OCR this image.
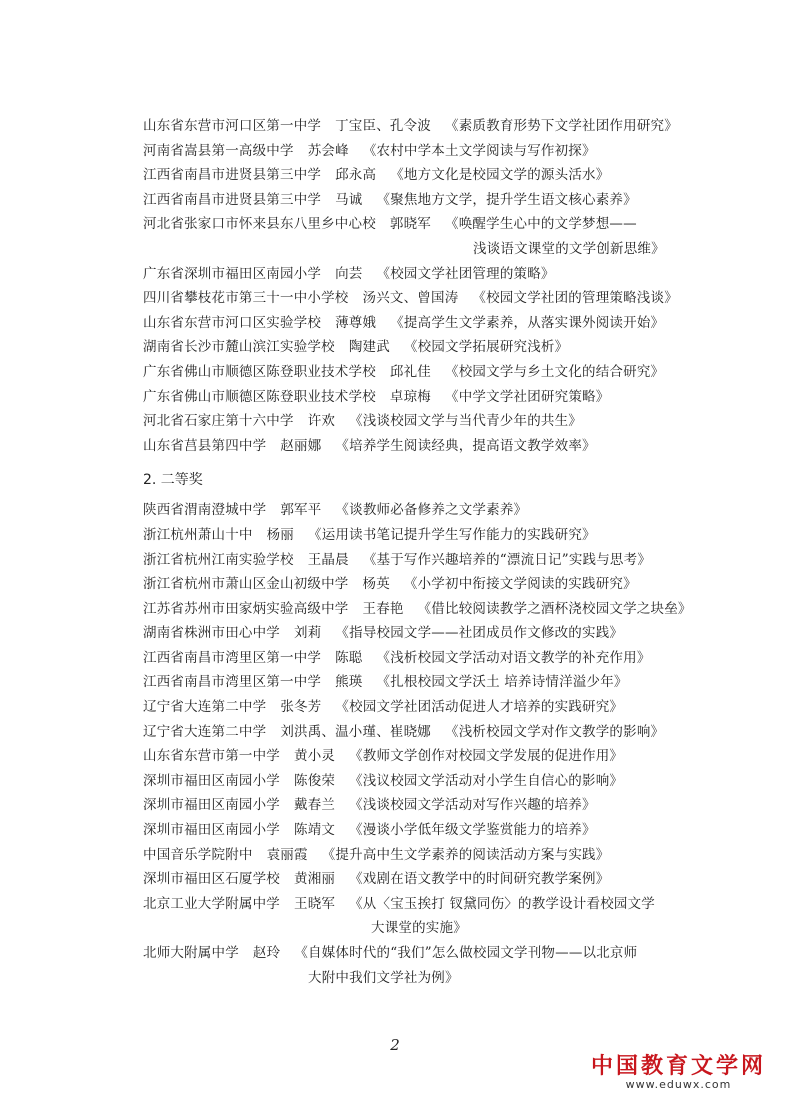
山东省东营市河口区第一中学 丁宝臣、孔令波 《素质教育形势下文学社团作用研究》
河南省嵩县第一高级中学 苏会峰 《农村中学本土文学阅读与写作初探》
江西省南昌市进贤县第三中学 邱永高 《地方文化是校园文学的源头活水》
江西省南昌市进贤县第三中学 马诚 《聚焦地方文学，提升学生语文核心素养》
河北省张家口市怀来县东八里乡中心校 郭晓军 《唤醒学生心中的文学梦想——
浅谈语文课堂的文学创新思维》
广东省深圳市福田区南园小学 向芸 《校园文学社团管理的策略》
四川省攀枝花市第三十一中小学校 汤兴文、曾国涛 《校园文学社团的管理策略浅谈》
山东省东营市河口区实验学校 薄尊娥 《提高学生文学素养，从落实课外阅读开始》
湖南省长沙市麓山滨江实验学校 陶建武 《校园文学拓展研究浅析》
广东省佛山市顺德区陈登职业技术学校 邱礼佳 《校园文学与乡土文化的结合研究》
广东省佛山市顺德区陈登职业技术学校 卓琼梅 《中学文学社团研究策略》
河北省石家庄第十六中学 许欢 《浅谈校园文学与当代青少年的共生》
山东省莒县第四中学 赵丽娜 《培养学生阅读经典，提高语文教学效率》
2. 二等奖
陕西省渭南澄城中学 郭军平 《谈教师必备修养之文学素养》
浙江杭州萧山十中 杨丽 《运用读书笔记提升学生写作能力的实践研究》
浙江省杭州江南实验学校 王晶晨 《基于写作兴趣培养的“漂流日记”实践与思考》
浙江省杭州市萧山区金山初级中学 杨英 《小学初中衔接文学阅读的实践研究》
江苏省苏州市田家炳实验高级中学 王春艳 《借比较阅读教学之酒杯浇校园文学之块垒》
湖南省株洲市田心中学 刘莉 《指导校园文学——社团成员作文修改的实践》
江西省南昌市湾里区第一中学 陈聪 《浅析校园文学活动对语文教学的补充作用》
江西省南昌市湾里区第一中学 熊瑛 《扎根校园文学沃土 培养诗情洋溢少年》
辽宁省大连第二中学 张冬芳 《校园文学社团活动促进人才培养的实践研究》
辽宁省大连第二中学 刘洪禹、温小瑾、崔晓娜 《浅析校园文学对作文教学的影响》
山东省东营市第一中学 黄小灵 《教师文学创作对校园文学发展的促进作用》
深圳市福田区南园小学 陈俊荣 《浅议校园文学活动对小学生自信心的影响》
深圳市福田区南园小学 戴春兰 《浅谈校园文学活动对写作兴趣的培养》
深圳市福田区南园小学 陈靖文 《漫谈小学低年级文学鉴赏能力的培养》
中国音乐学院附中 袁丽霞 《提升高中生文学素养的阅读活动方案与实践》
深圳市福田区石厦学校 黄湘丽 《戏剧在语文教学中的时间研究教学案例》
北京工业大学附属中学 王晓军 《从〈宝玉挨打 钗黛同伤〉的教学设计看校园文学
大课堂的实施》
北师大附属中学 赵玲 《自媒体时代的“我们”怎么做校园文学刊物——以北京师
大附中我们文学社为例》
2
中国教育文学网
www.eduwx.com
